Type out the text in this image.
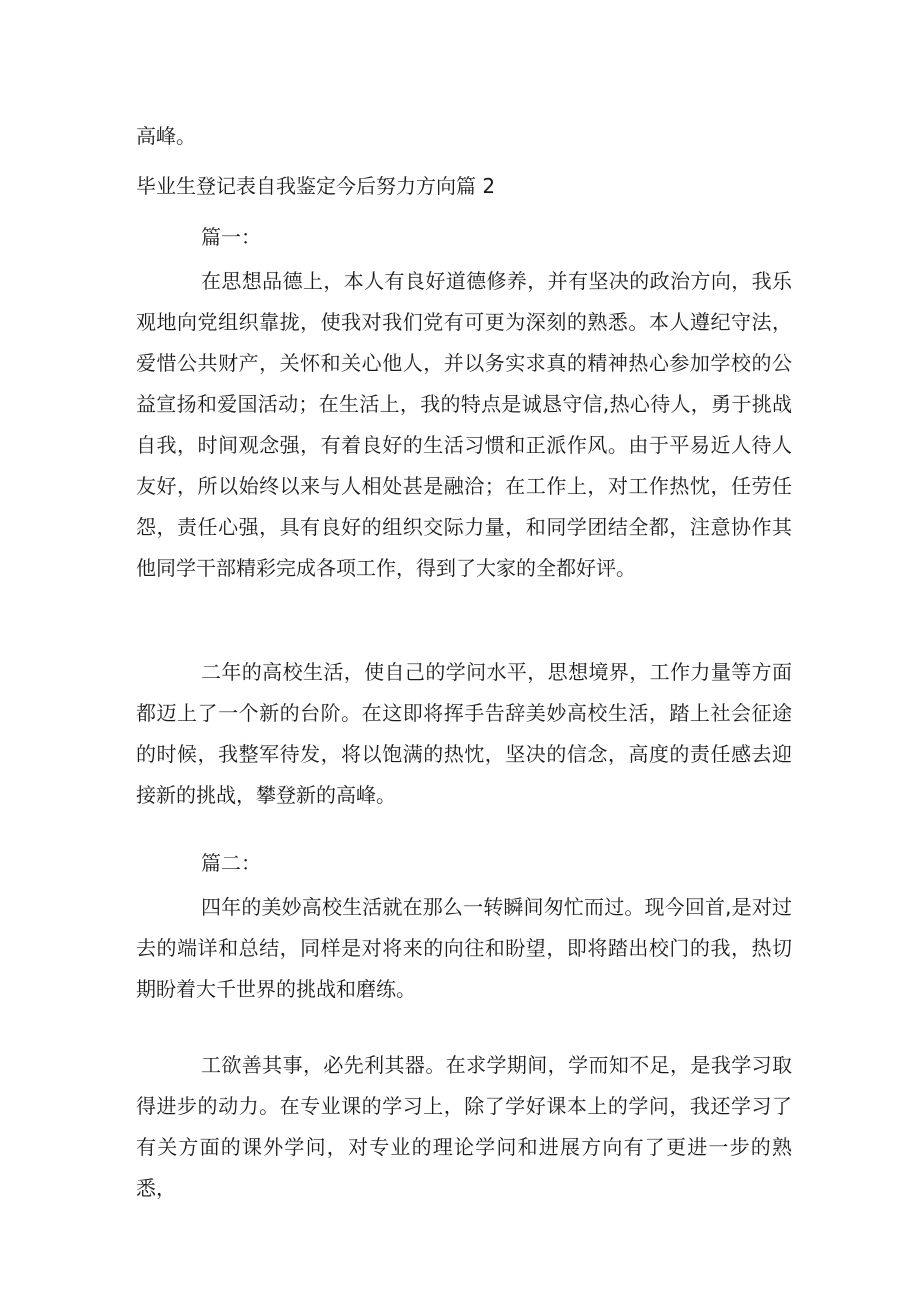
高峰。
毕业生登记表自我鉴定今后努力方向篇 2
篇一：

在思想品德上，本人有良好道德修养，并有坚决的政治方向，我乐观地向党组织靠拢，使我对我们党有可更为深刻的熟悉。本人遵纪守法，爱惜公共财产，关怀和关心他人，并以务实求真的精神热心参加学校的公益宣扬和爱国活动；在生活上，我的特点是诚恳守信,热心待人，勇于挑战自我，时间观念强，有着良好的生活习惯和正派作风。由于平易近人待人友好，所以始终以来与人相处甚是融洽；在工作上，对工作热忱，任劳任怨，责任心强，具有良好的组织交际力量，和同学团结全都，注意协作其他同学干部精彩完成各项工作，得到了大家的全都好评。

二年的高校生活，使自己的学问水平，思想境界，工作力量等方面都迈上了一个新的台阶。在这即将挥手告辞美妙高校生活，踏上社会征途的时候，我整军待发，将以饱满的热忱，坚决的信念，高度的责任感去迎接新的挑战，攀登新的高峰。

篇二：

四年的美妙高校生活就在那么一转瞬间匆忙而过。现今回首,是对过去的端详和总结，同样是对将来的向往和盼望，即将踏出校门的我，热切期盼着大千世界的挑战和磨练。

工欲善其事，必先利其器。在求学期间，学而知不足，是我学习取得进步的动力。在专业课的学习上，除了学好课本上的学问，我还学习了有关方面的课外学问，对专业的理论学问和进展方向有了更进一步的熟悉，
